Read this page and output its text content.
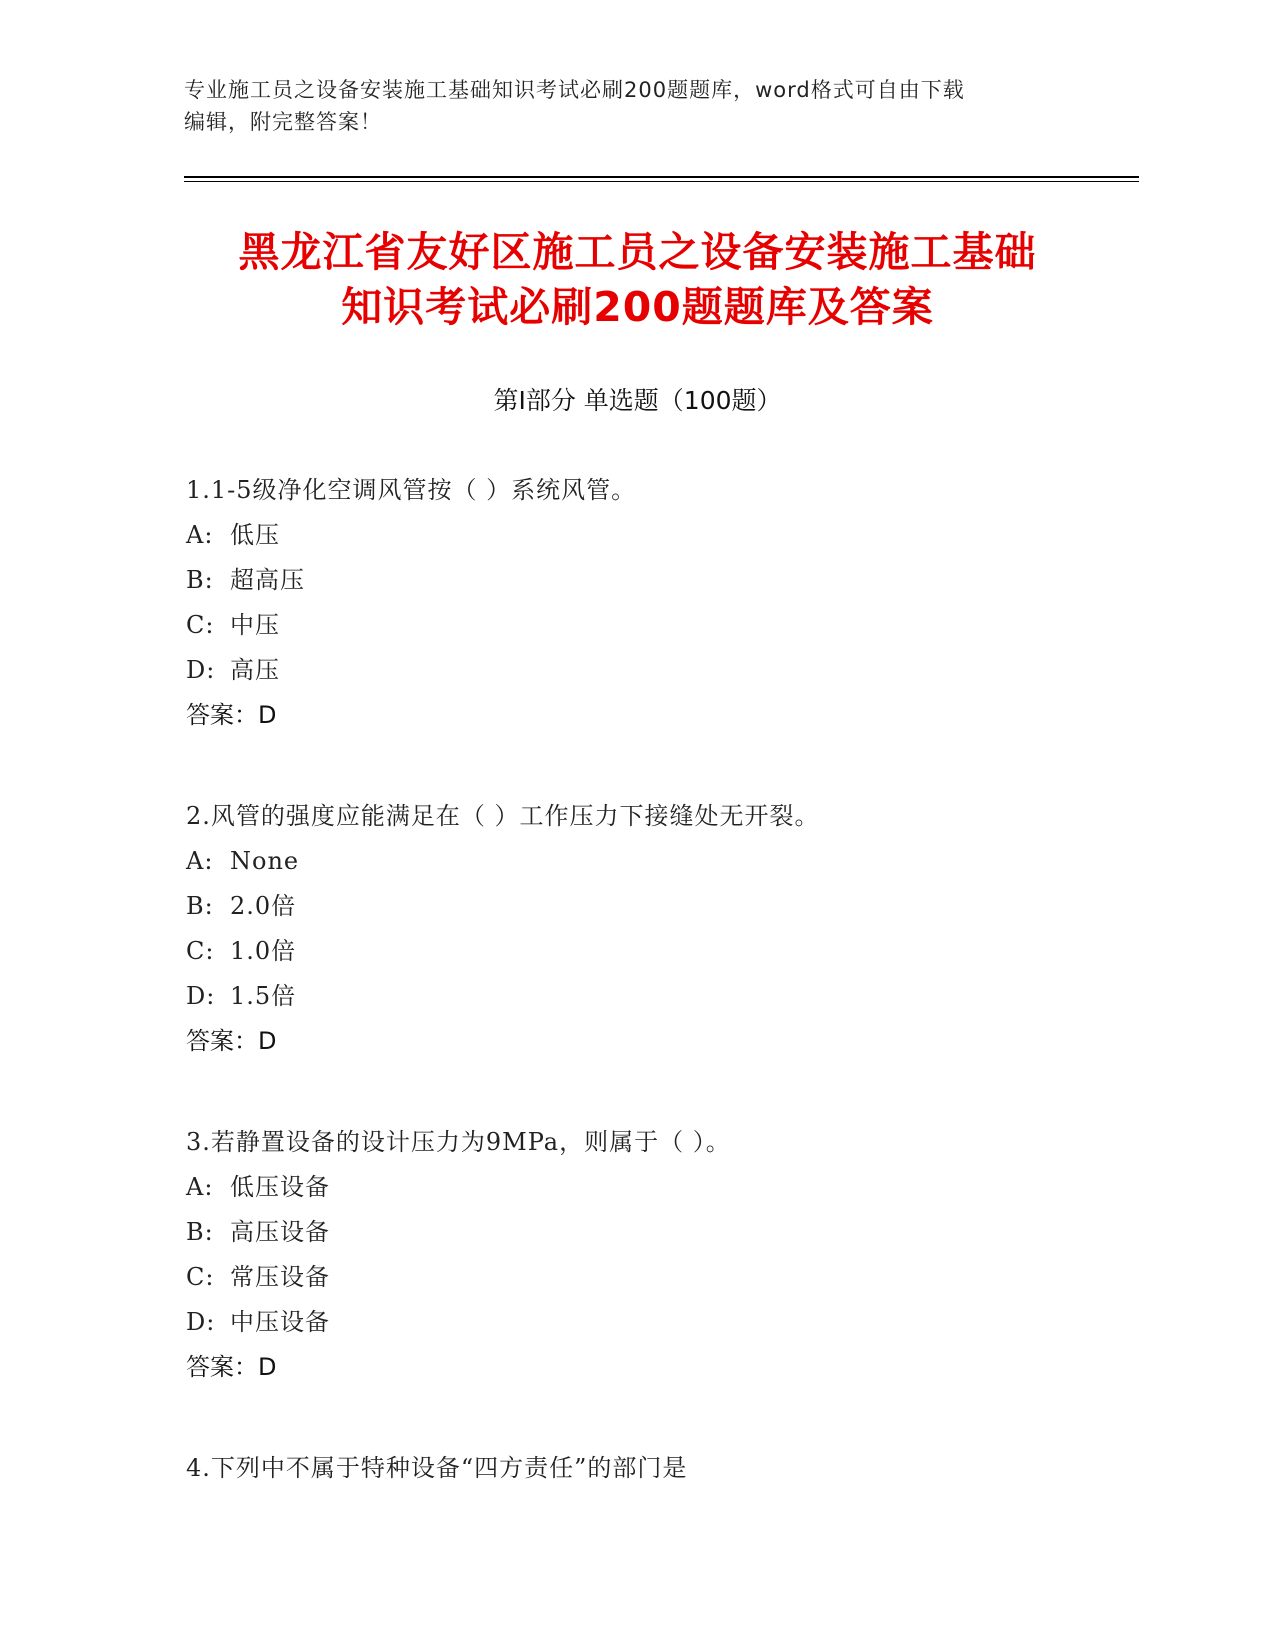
专业施工员之设备安装施工基础知识考试必刷200题题库，word格式可自由下载
编辑，附完整答案！
黑龙江省友好区施工员之设备安装施工基础
知识考试必刷200题题库及答案
第Ⅰ部分 单选题（100题）
1.1-5级净化空调风管按（ ）系统风管。
A: 低压
B: 超高压
C: 中压
D: 高压
答案：D
2.风管的强度应能满足在（ ）工作压力下接缝处无开裂。
A: None
B: 2.0倍
C: 1.0倍
D: 1.5倍
答案：D
3.若静置设备的设计压力为9MPa，则属于（ ）。
A: 低压设备
B: 高压设备
C: 常压设备
D: 中压设备
答案：D
4.下列中不属于特种设备“四方责任”的部门是
